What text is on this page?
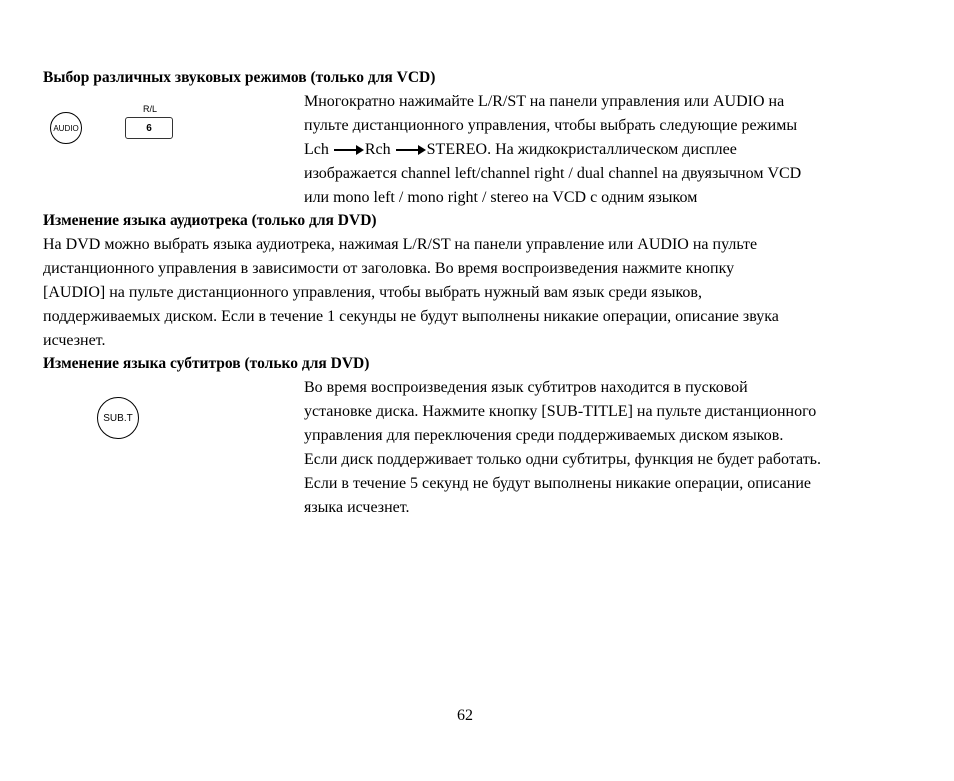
Выбор различных звуковых режимов (только для VCD)
AUDIO
R/L
6
Многократно нажимайте L/R/ST на панели управления или AUDIO на
пульте дистанционного управления, чтобы выбрать следующие режимы
Lch Rch STEREO. На жидкокристаллическом дисплее
изображается channel left/channel right / dual channel на двуязычном VCD
или mono left / mono right / stereo на VCD с одним языком
Изменение языка аудиотрека (только для DVD)
На DVD можно выбрать языка аудиотрека, нажимая L/R/ST на панели управление или AUDIO на пульте
дистанционного управления в зависимости от заголовка. Во время воспроизведения нажмите кнопку
[AUDIO] на пульте дистанционного управления, чтобы выбрать нужный вам язык среди языков,
поддерживаемых диском. Если в течение 1 секунды не будут выполнены никакие операции, описание звука
исчезнет.
Изменение языка субтитров (только для DVD)
SUB.T
Во время воспроизведения язык субтитров находится в пусковой
установке диска. Нажмите кнопку [SUB-TITLE] на пульте дистанционного
управления для переключения среди поддерживаемых диском языков.
Если диск поддерживает только одни субтитры, функция не будет работать.
Если в течение 5 секунд не будут выполнены никакие операции, описание
языка исчезнет.
62
